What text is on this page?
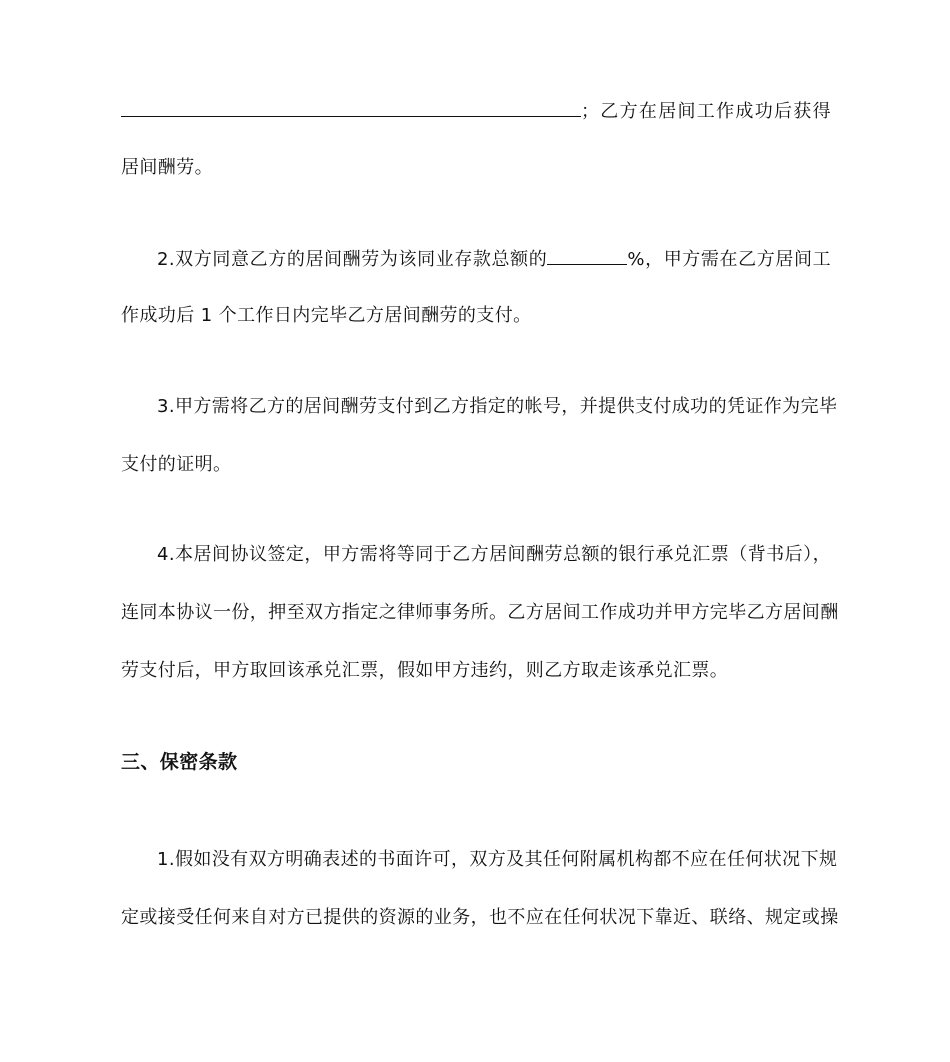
；乙方在居间工作成功后获得
居间酬劳。
2.双方同意乙方的居间酬劳为该同业存款总额的	%，甲方需在乙方居间工
作成功后 1 个工作日内完毕乙方居间酬劳的支付。
3.甲方需将乙方的居间酬劳支付到乙方指定的帐号，并提供支付成功的凭证作为完毕
支付的证明。
4.本居间协议签定，甲方需将等同于乙方居间酬劳总额的银行承兑汇票（背书后），
连同本协议一份，押至双方指定之律师事务所。乙方居间工作成功并甲方完毕乙方居间酬
劳支付后，甲方取回该承兑汇票，假如甲方违约，则乙方取走该承兑汇票。
三、保密条款
1.假如没有双方明确表述的书面许可，双方及其任何附属机构都不应在任何状况下规
定或接受任何来自对方已提供的资源的业务，也不应在任何状况下靠近、联络、规定或操
